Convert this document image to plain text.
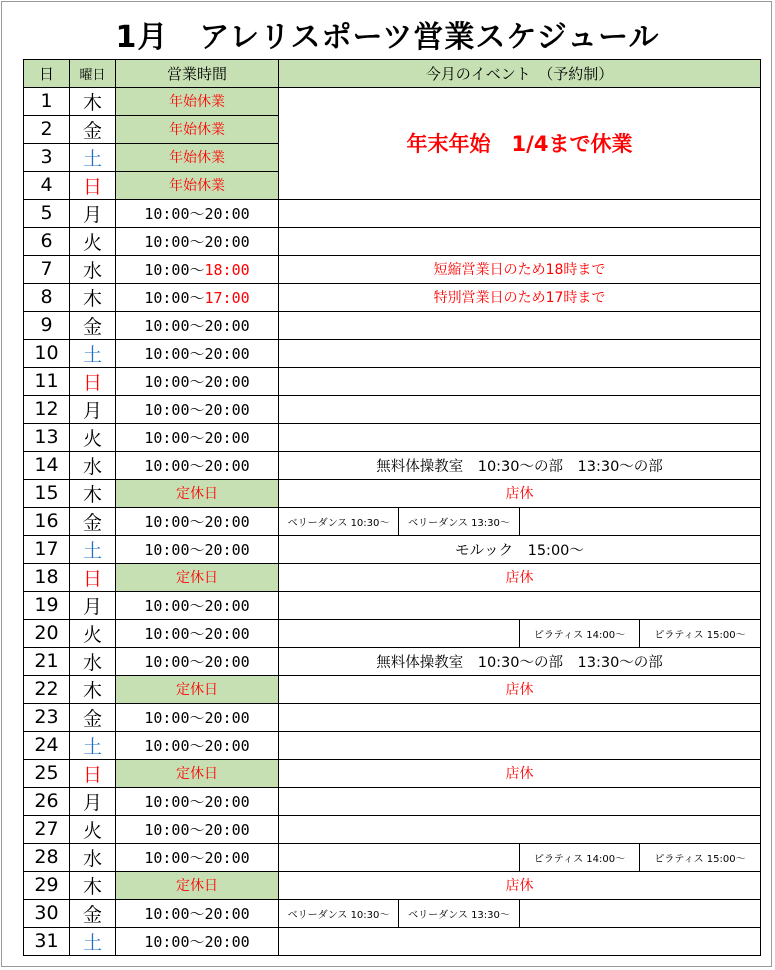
1月　アレリスポーツ営業スケジュール
日	曜日	営業時間	今月のイベント　（予約制）			
1	木	年始休業	年末年始　1/4まで休業			
2	金	年始休業				
3	土	年始休業				
4	日	年始休業				
5	月	10:00～20:00				
6	火	10:00～20:00				
7	水	10:00～18:00	短縮営業日のため18時まで			
8	木	10:00～17:00	特別営業日のため17時まで			
9	金	10:00～20:00				
10	土	10:00～20:00				
11	日	10:00～20:00				
12	月	10:00～20:00				
13	火	10:00～20:00				
14	水	10:00～20:00	無料体操教室　10:30～の部　13:30～の部			
15	木	定休日	店休			
16	金	10:00～20:00	ベリーダンス 10:30～	ベリーダンス 13:30～		
17	土	10:00～20:00	モルック　15:00～			
18	日	定休日	店休			
19	月	10:00～20:00				
20	火	10:00～20:00			ピラティス 14:00～	ピラティス 15:00～
21	水	10:00～20:00	無料体操教室　10:30～の部　13:30～の部			
22	木	定休日	店休			
23	金	10:00～20:00				
24	土	10:00～20:00				
25	日	定休日	店休			
26	月	10:00～20:00				
27	火	10:00～20:00				
28	水	10:00～20:00			ピラティス 14:00～	ピラティス 15:00～
29	木	定休日	店休			
30	金	10:00～20:00	ベリーダンス 10:30～	ベリーダンス 13:30～		
31	土	10:00～20:00				
